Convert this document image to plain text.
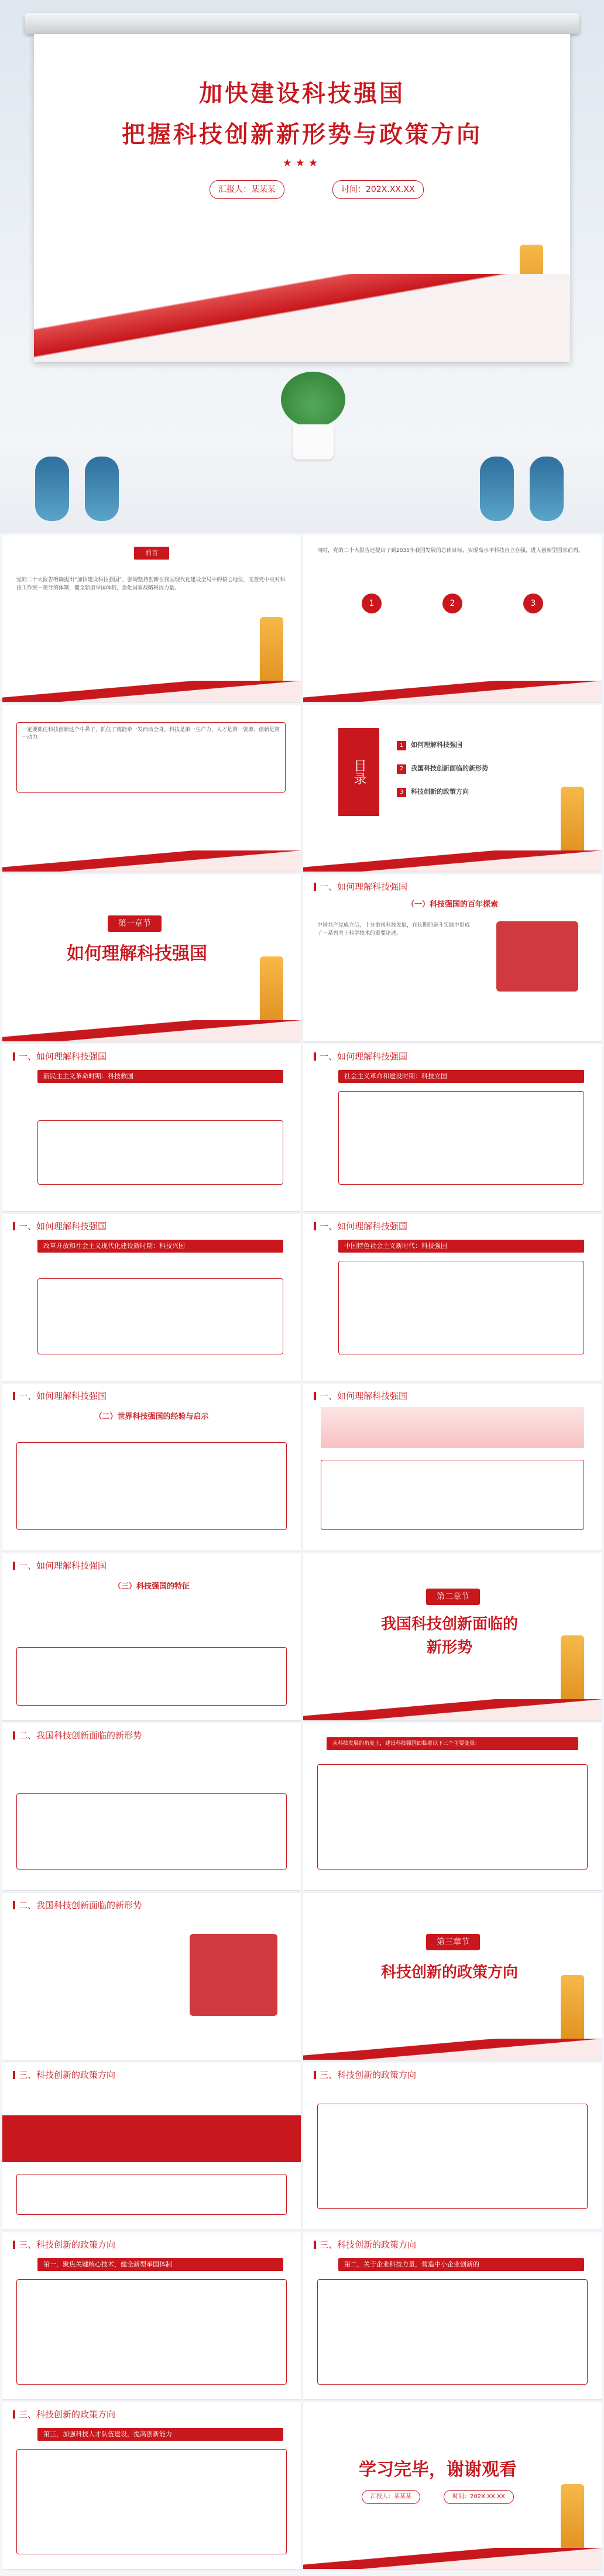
加快建设科技强国
把握科技创新新形势与政策方向
★★★
汇报人：某某某	时间：202X.XX.XX
前言
党的二十大报告明确提出“加快建设科技强国”，强调坚持创新在我国现代化建设全局中的核心地位，完善党中央对科技工作统一领导的体制，健全新型举国体制，强化国家战略科技力量。
同时，党的二十大报告还提出了到2035年我国发展的总体目标，实现高水平科技自立自强，进入创新型国家前列。
1	2	3
一定要抓住科技创新这个牛鼻子，抓住了就能牵一发而动全身。科技是第一生产力、人才是第一资源、创新是第一动力。
目录
1 如何理解科技强国
2 我国科技创新面临的新形势
3 科技创新的政策方向
第一章节
如何理解科技强国
一、如何理解科技强国
（一）科技强国的百年探索
中国共产党成立后，十分重视科技发展，在长期的奋斗实践中形成了一系列关于科学技术的重要论述。
一、如何理解科技强国
新民主主义革命时期：科技救国
一、如何理解科技强国
社会主义革命和建设时期：科技立国
一、如何理解科技强国
改革开放和社会主义现代化建设新时期：科技兴国
一、如何理解科技强国
中国特色社会主义新时代：科技强国
一、如何理解科技强国
（二）世界科技强国的经验与启示
一、如何理解科技强国
一、如何理解科技强国
（三）科技强国的特征
第二章节
我国科技创新面临的
新形势
二、我国科技创新面临的新形势
从科技发展的角度上，建设科技强国面临着以下三个主要变量：
二、我国科技创新面临的新形势
第三章节
科技创新的政策方向
三、科技创新的政策方向	三、科技创新的政策方向
三、科技创新的政策方向
第一，聚焦关键核心技术，健全新型举国体制
三、科技创新的政策方向
第二，关于企业科技力量，营造中小企业创新的
三、科技创新的政策方向
第三，加强科技人才队伍建设，提高创新能力
学习完毕，谢谢观看
汇报人：某某某	时间：202X.XX.XX
